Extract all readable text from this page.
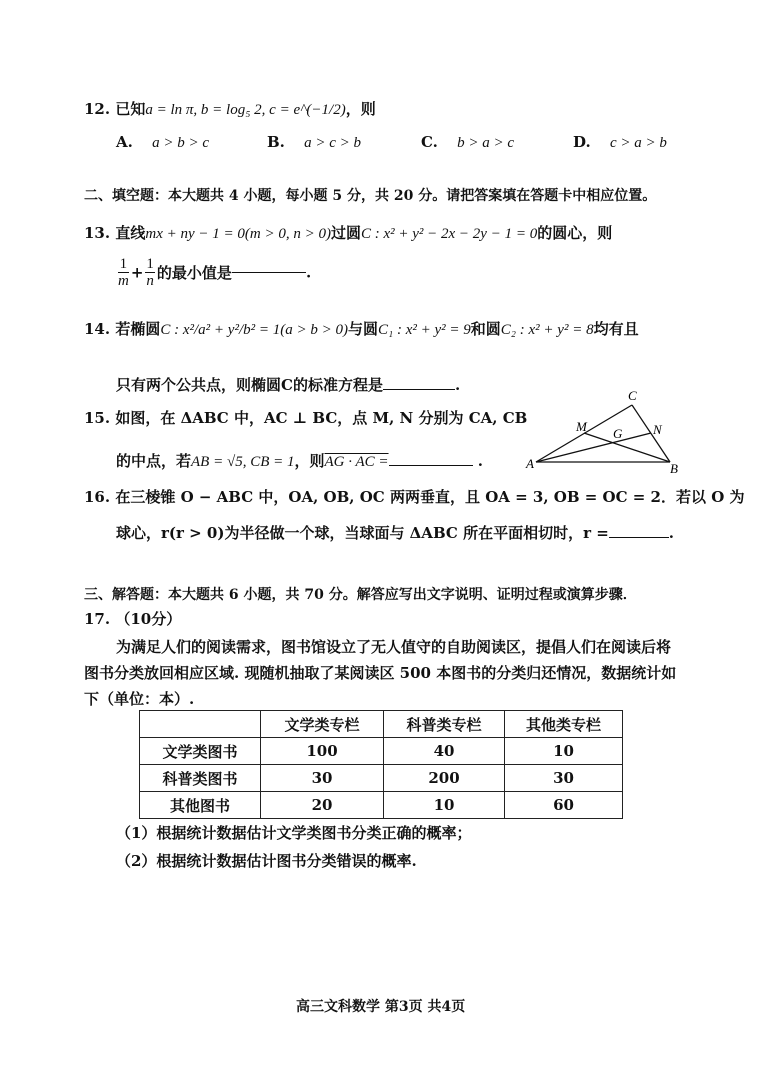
12. 已知a = ln π, b = log₅ 2, c = e^(−1/2)，则
A. a > b > c	B. a > c > b	C. b > a > c	D. c > a > b
二、填空题：本大题共 4 小题，每小题 5 分，共 20 分。请把答案填在答题卡中相应位置。
13. 直线mx + ny − 1 = 0(m > 0, n > 0)过圆C : x² + y² − 2x − 2y − 1 = 0的圆心，则
$\frac{1}{m} + \frac{1}{n}$ 的最小值是	.
14. 若椭圆C : x²/a² + y²/b² = 1(a > b > 0)与圆C₁ : x² + y² = 9和圆C₂ : x² + y² = 8均有且
只有两个公共点，则椭圆C的标准方程是	.
15. 如图，在 ΔABC 中，AC ⊥ BC，点 M, N 分别为 CA, CB
的中点，若AB = √5, CB = 1，则AG · AC =	.
C
M	N
G
A	B
16. 在三棱锥 O − ABC 中，OA, OB, OC 两两垂直，且 OA = 3, OB = OC = 2．若以 O 为
球心，r(r > 0)为半径做一个球，当球面与 ΔABC 所在平面相切时，r =	.
三、解答题：本大题共 6 小题，共 70 分。解答应写出文字说明、证明过程或演算步骤．
17. （10分）
为满足人们的阅读需求，图书馆设立了无人值守的自助阅读区，提倡人们在阅读后将
图书分类放回相应区域. 现随机抽取了某阅读区 500 本图书的分类归还情况，数据统计如
下（单位：本）.
	文学类专栏	科普类专栏	其他类专栏
文学类图书	100	40	10
科普类图书	30	200	30
其他图书	20	10	60
（1）根据统计数据估计文学类图书分类正确的概率；
（2）根据统计数据估计图书分类错误的概率.
高三文科数学 第3页 共4页
